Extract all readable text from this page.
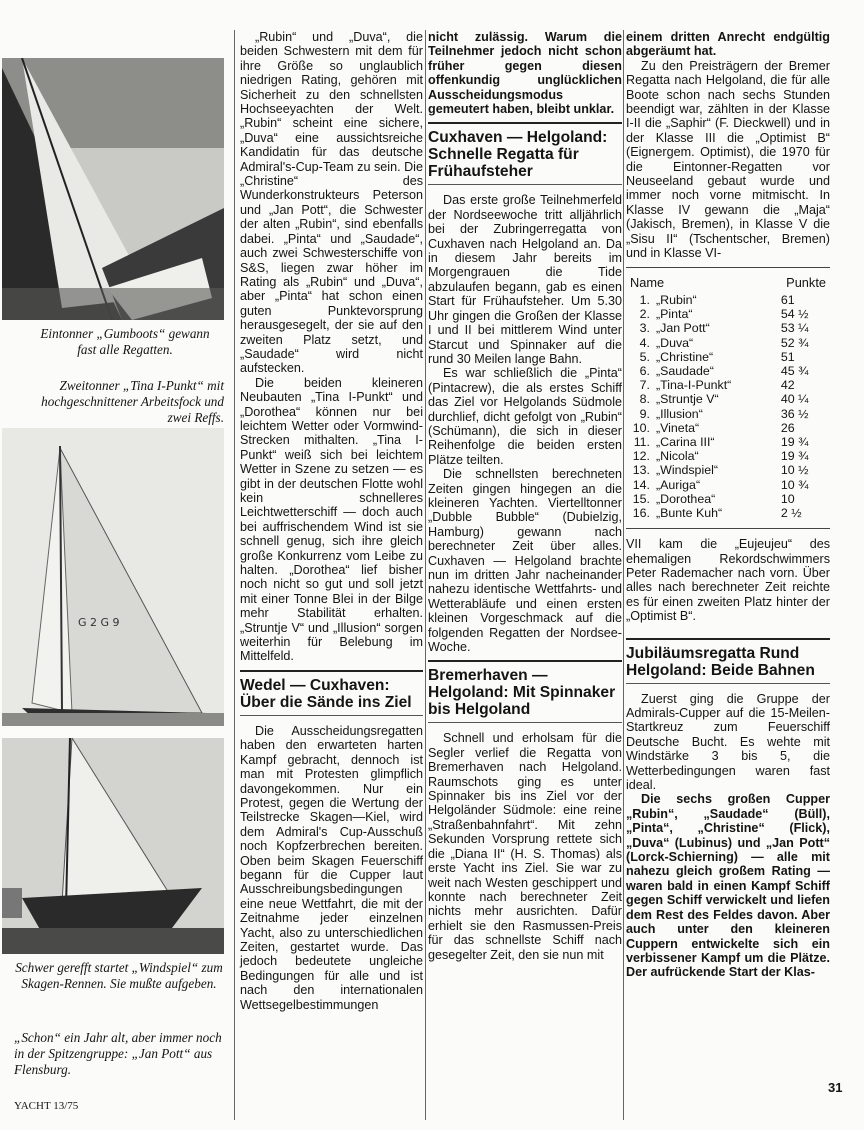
Eintonner „Gumboots“ gewann fast alle Regatten.
Zweitonner „Tina I-Punkt“ mit hochgeschnittener Arbeitsfock und zwei Reffs.
G 2 G 9
Schwer gerefft startet „Windspiel“ zum Skagen-Rennen. Sie mußte aufgeben.
„Schon“ ein Jahr alt, aber immer noch in der Spitzengruppe: „Jan Pott“ aus Flensburg.

„Rubin“ und „Duva“, die beiden Schwestern mit dem für ihre Größe so unglaublich niedrigen Rating, gehören mit Sicherheit zu den schnellsten Hochseeyachten der Welt. „Rubin“ scheint eine sichere, „Duva“ eine aussichtsreiche Kandidatin für das deutsche Admiral's-Cup-Team zu sein. Die „Christine“ des Wunderkonstrukteurs Peterson und „Jan Pott“, die Schwester der alten „Rubin“, sind ebenfalls dabei. „Pinta“ und „Saudade“, auch zwei Schwesterschiffe von S&S, liegen zwar höher im Rating als „Rubin“ und „Duva“, aber „Pinta“ hat schon einen guten Punktevorsprung herausgesegelt, der sie auf den zweiten Platz setzt, und „Saudade“ wird nicht aufstecken.

Die beiden kleineren Neubauten „Tina I-Punkt“ und „Dorothea“ können nur bei leichtem Wetter oder Vormwind-Strecken mithalten. „Tina I-Punkt“ weiß sich bei leichtem Wetter in Szene zu setzen — es gibt in der deutschen Flotte wohl kein schnelleres Leichtwetterschiff — doch auch bei auffrischendem Wind ist sie schnell genug, sich ihre gleich große Konkurrenz vom Leibe zu halten. „Dorothea“ lief bisher noch nicht so gut und soll jetzt mit einer Tonne Blei in der Bilge mehr Stabilität erhalten. „Struntje V“ und „Illusion“ sorgen weiterhin für Belebung im Mittelfeld.

Wedel — Cuxhaven: Über die Sände ins Ziel

Die Ausscheidungsregatten haben den erwarteten harten Kampf gebracht, dennoch ist man mit Protesten glimpflich davongekommen. Nur ein Protest, gegen die Wertung der Teilstrecke Skagen—Kiel, wird dem Admiral's Cup-Ausschuß noch Kopfzerbrechen bereiten. Oben beim Skagen Feuerschiff begann für die Cupper laut Ausschreibungsbedingungen eine neue Wettfahrt, die mit der Zeitnahme jeder einzelnen Yacht, also zu unterschiedlichen Zeiten, gestartet wurde. Das jedoch bedeutete ungleiche Bedingungen für alle und ist nach den internationalen Wettsegelbestimmungen

nicht zulässig. Warum die Teilnehmer jedoch nicht schon früher gegen diesen offenkundig unglücklichen Ausscheidungsmodus gemeutert haben, bleibt unklar.

Cuxhaven — Helgoland: Schnelle Regatta für Frühaufsteher

Das erste große Teilnehmerfeld der Nordseewoche tritt alljährlich bei der Zubringerregatta von Cuxhaven nach Helgoland an. Da in diesem Jahr bereits im Morgengrauen die Tide abzulaufen begann, gab es einen Start für Frühaufsteher. Um 5.30 Uhr gingen die Großen der Klasse I und II bei mittlerem Wind unter Starcut und Spinnaker auf die rund 30 Meilen lange Bahn.

Es war schließlich die „Pinta“ (Pintacrew), die als erstes Schiff das Ziel vor Helgolands Südmole durchlief, dicht gefolgt von „Rubin“ (Schümann), die sich in dieser Reihenfolge die beiden ersten Plätze teilten.

Die schnellsten berechneten Zeiten gingen hingegen an die kleineren Yachten. Viertelltonner „Dubble Bubble“ (Dubielzig, Hamburg) gewann nach berechneter Zeit über alles. Cuxhaven — Helgoland brachte nun im dritten Jahr nacheinander nahezu identische Wettfahrts- und Wetterabläufe und einen ersten kleinen Vorgeschmack auf die folgenden Regatten der Nordsee-Woche.

Bremerhaven — Helgoland: Mit Spinnaker bis Helgoland

Schnell und erholsam für die Segler verlief die Regatta von Bremerhaven nach Helgoland. Raumschots ging es unter Spinnaker bis ins Ziel vor der Helgoländer Südmole: eine reine „Straßenbahnfahrt“. Mit zehn Sekunden Vorsprung rettete sich die „Diana II“ (H. S. Thomas) als erste Yacht ins Ziel. Sie war zu weit nach Westen geschippert und konnte nach berechneter Zeit nichts mehr ausrichten. Dafür erhielt sie den Rasmussen-Preis für das schnellste Schiff nach gesegelter Zeit, den sie nun mit

einem dritten Anrecht endgültig abgeräumt hat.

Zu den Preisträgern der Bremer Regatta nach Helgoland, die für alle Boote schon nach sechs Stunden beendigt war, zählten in der Klasse I-II die „Saphir“ (F. Dieckwell) und in der Klasse III die „Optimist B“ (Eignergem. Optimist), die 1970 für die Eintonner-Regatten vor Neuseeland gebaut wurde und immer noch vorne mitmischt. In Klasse IV gewann die „Maja“ (Jakisch, Bremen), in Klasse V die „Sisu II“ (Tschentscher, Bremen) und in Klasse VI-

Name		Punkte
1.	„Rubin“	61
2.	„Pinta“	54 ½
3.	„Jan Pott“	53 ¼
4.	„Duva“	52 ¾
5.	„Christine“	51
6.	„Saudade“	45 ¾
7.	„Tina-I-Punkt“	42
8.	„Struntje V“	40 ¼
9.	„Illusion“	36 ½
10.	„Vineta“	26
11.	„Carina III“	19 ¾
12.	„Nicola“	19 ¾
13.	„Windspiel“	10 ½
14.	„Auriga“	10 ¾
15.	„Dorothea“	10
16.	„Bunte Kuh“	2 ½

VII kam die „Eujeujeu“ des ehemaligen Rekordschwimmers Peter Rademacher nach vorn. Über alles nach berechneter Zeit reichte es für einen zweiten Platz hinter der „Optimist B“.

Jubiläumsregatta Rund Helgoland: Beide Bahnen

Zuerst ging die Gruppe der Admirals-Cupper auf die 15-Meilen-Startkreuz zum Feuerschiff Deutsche Bucht. Es wehte mit Windstärke 3 bis 5, die Wetterbedingungen waren fast ideal.

Die sechs großen Cupper „Rubin“, „Saudade“ (Büll), „Pinta“, „Christine“ (Flick), „Duva“ (Lubinus) und „Jan Pott“ (Lorck-Schierning) — alle mit nahezu gleich großem Rating — waren bald in einen Kampf Schiff gegen Schiff verwickelt und liefen dem Rest des Feldes davon. Aber auch unter den kleineren Cuppern entwickelte sich ein verbissener Kampf um die Plätze. Der aufrückende Start der Klas-

YACHT 13/75
31
